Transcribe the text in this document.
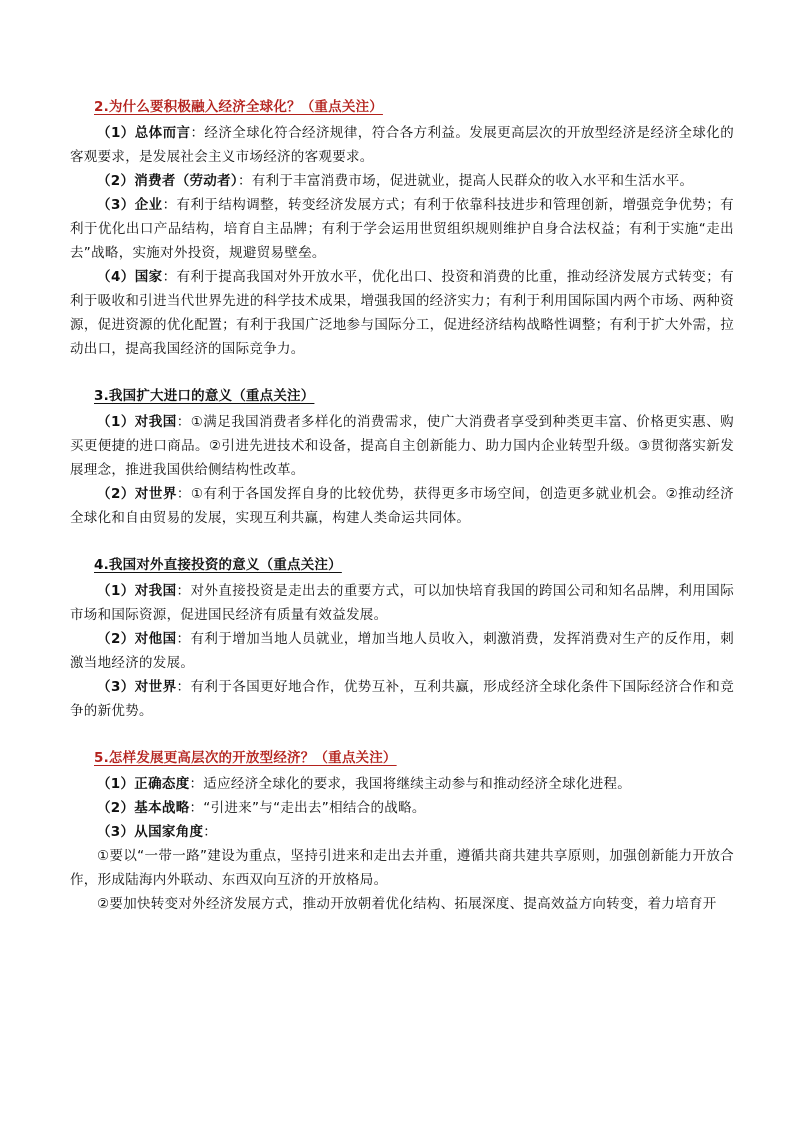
2.为什么要积极融入经济全球化？（重点关注）

（1）总体而言：经济全球化符合经济规律，符合各方利益。发展更高层次的开放型经济是经济全球化的客观要求，是发展社会主义市场经济的客观要求。

（2）消费者（劳动者）：有利于丰富消费市场，促进就业，提高人民群众的收入水平和生活水平。

（3）企业：有利于结构调整，转变经济发展方式；有利于依靠科技进步和管理创新，增强竞争优势；有利于优化出口产品结构，培育自主品牌；有利于学会运用世贸组织规则维护自身合法权益；有利于实施“走出去”战略，实施对外投资，规避贸易壁垒。

（4）国家：有利于提高我国对外开放水平，优化出口、投资和消费的比重，推动经济发展方式转变；有利于吸收和引进当代世界先进的科学技术成果，增强我国的经济实力；有利于利用国际国内两个市场、两种资源，促进资源的优化配置；有利于我国广泛地参与国际分工，促进经济结构战略性调整；有利于扩大外需，拉动出口，提高我国经济的国际竞争力。

3.我国扩大进口的意义（重点关注）

（1）对我国：①满足我国消费者多样化的消费需求，使广大消费者享受到种类更丰富、价格更实惠、购买更便捷的进口商品。②引进先进技术和设备，提高自主创新能力、助力国内企业转型升级。③贯彻落实新发展理念，推进我国供给侧结构性改革。

（2）对世界：①有利于各国发挥自身的比较优势，获得更多市场空间，创造更多就业机会。②推动经济全球化和自由贸易的发展，实现互利共赢，构建人类命运共同体。

4.我国对外直接投资的意义（重点关注）

（1）对我国：对外直接投资是走出去的重要方式，可以加快培育我国的跨国公司和知名品牌，利用国际市场和国际资源，促进国民经济有质量有效益发展。

（2）对他国：有利于增加当地人员就业，增加当地人员收入，刺激消费，发挥消费对生产的反作用，刺激当地经济的发展。

（3）对世界：有利于各国更好地合作，优势互补，互利共赢，形成经济全球化条件下国际经济合作和竞争的新优势。

5.怎样发展更高层次的开放型经济？（重点关注）

（1）正确态度：适应经济全球化的要求，我国将继续主动参与和推动经济全球化进程。

（2）基本战略：“引进来”与“走出去”相结合的战略。

（3）从国家角度：

①要以“一带一路”建设为重点，坚持引进来和走出去并重，遵循共商共建共享原则，加强创新能力开放合作，形成陆海内外联动、东西双向互济的开放格局。

②要加快转变对外经济发展方式，推动开放朝着优化结构、拓展深度、提高效益方向转变，着力培育开
